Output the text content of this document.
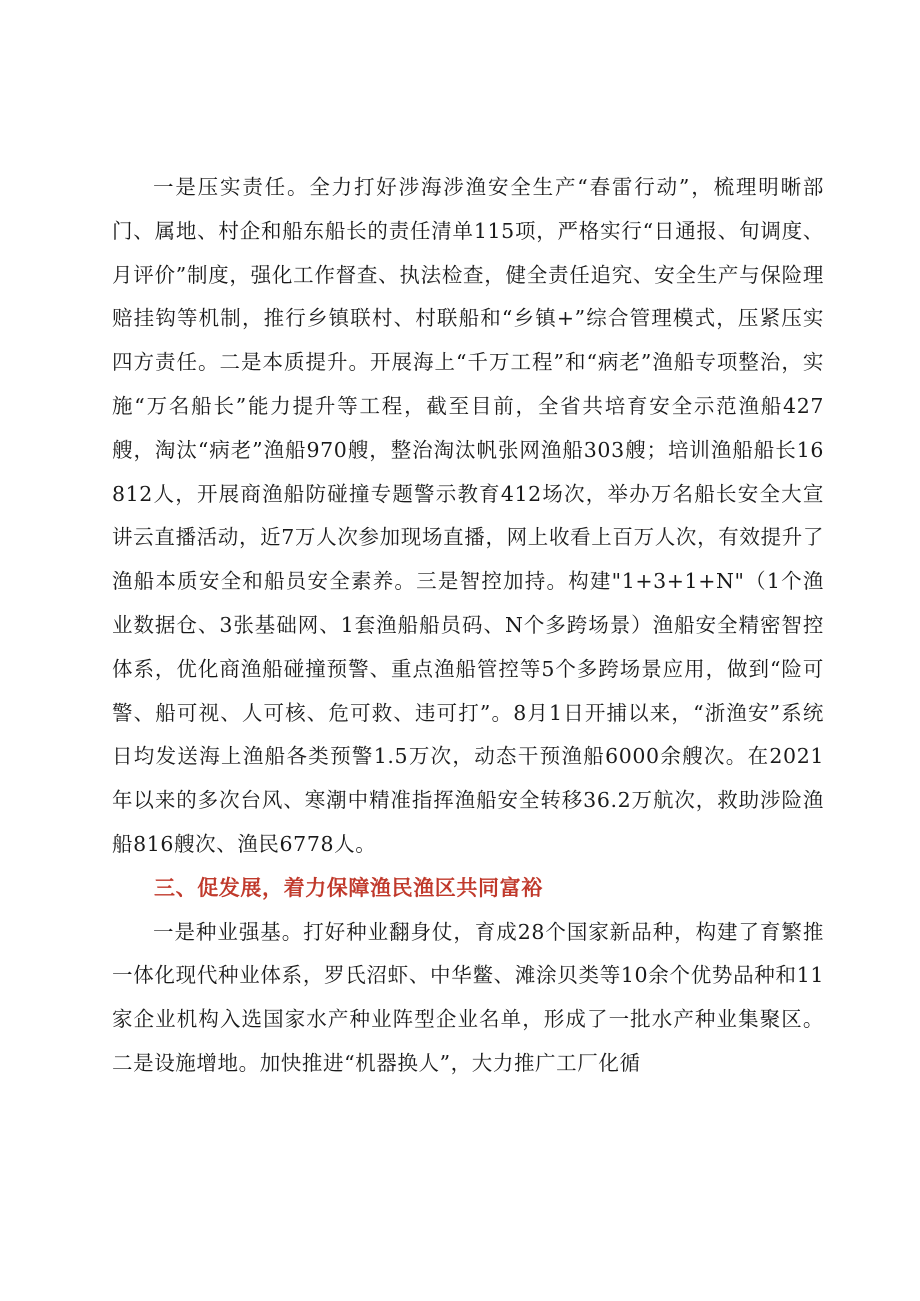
一是压实责任。全力打好涉海涉渔安全生产“春雷行动”，梳理明晰部门、属地、村企和船东船长的责任清单115项，严格实行“日通报、旬调度、月评价”制度，强化工作督查、执法检查，健全责任追究、安全生产与保险理赔挂钩等机制，推行乡镇联村、村联船和“乡镇+”综合管理模式，压紧压实四方责任。二是本质提升。开展海上“千万工程”和“病老”渔船专项整治，实施“万名船长”能力提升等工程，截至目前，全省共培育安全示范渔船427艘，淘汰“病老”渔船970艘，整治淘汰帆张网渔船303艘；培训渔船船长16812人，开展商渔船防碰撞专题警示教育412场次，举办万名船长安全大宣讲云直播活动，近7万人次参加现场直播，网上收看上百万人次，有效提升了渔船本质安全和船员安全素养。三是智控加持。构建"1+3+1+N"（1个渔业数据仓、3张基础网、1套渔船船员码、N个多跨场景）渔船安全精密智控体系，优化商渔船碰撞预警、重点渔船管控等5个多跨场景应用，做到“险可警、船可视、人可核、危可救、违可打”。8月1日开捕以来，“浙渔安”系统日均发送海上渔船各类预警1.5万次，动态干预渔船6000余艘次。在2021年以来的多次台风、寒潮中精准指挥渔船安全转移36.2万航次，救助涉险渔船816艘次、渔民6778人。

三、促发展，着力保障渔民渔区共同富裕

一是种业强基。打好种业翻身仗，育成28个国家新品种，构建了育繁推一体化现代种业体系，罗氏沼虾、中华鳖、滩涂贝类等10余个优势品种和11家企业机构入选国家水产种业阵型企业名单，形成了一批水产种业集聚区。二是设施增地。加快推进“机器换人”，大力推广工厂化循
